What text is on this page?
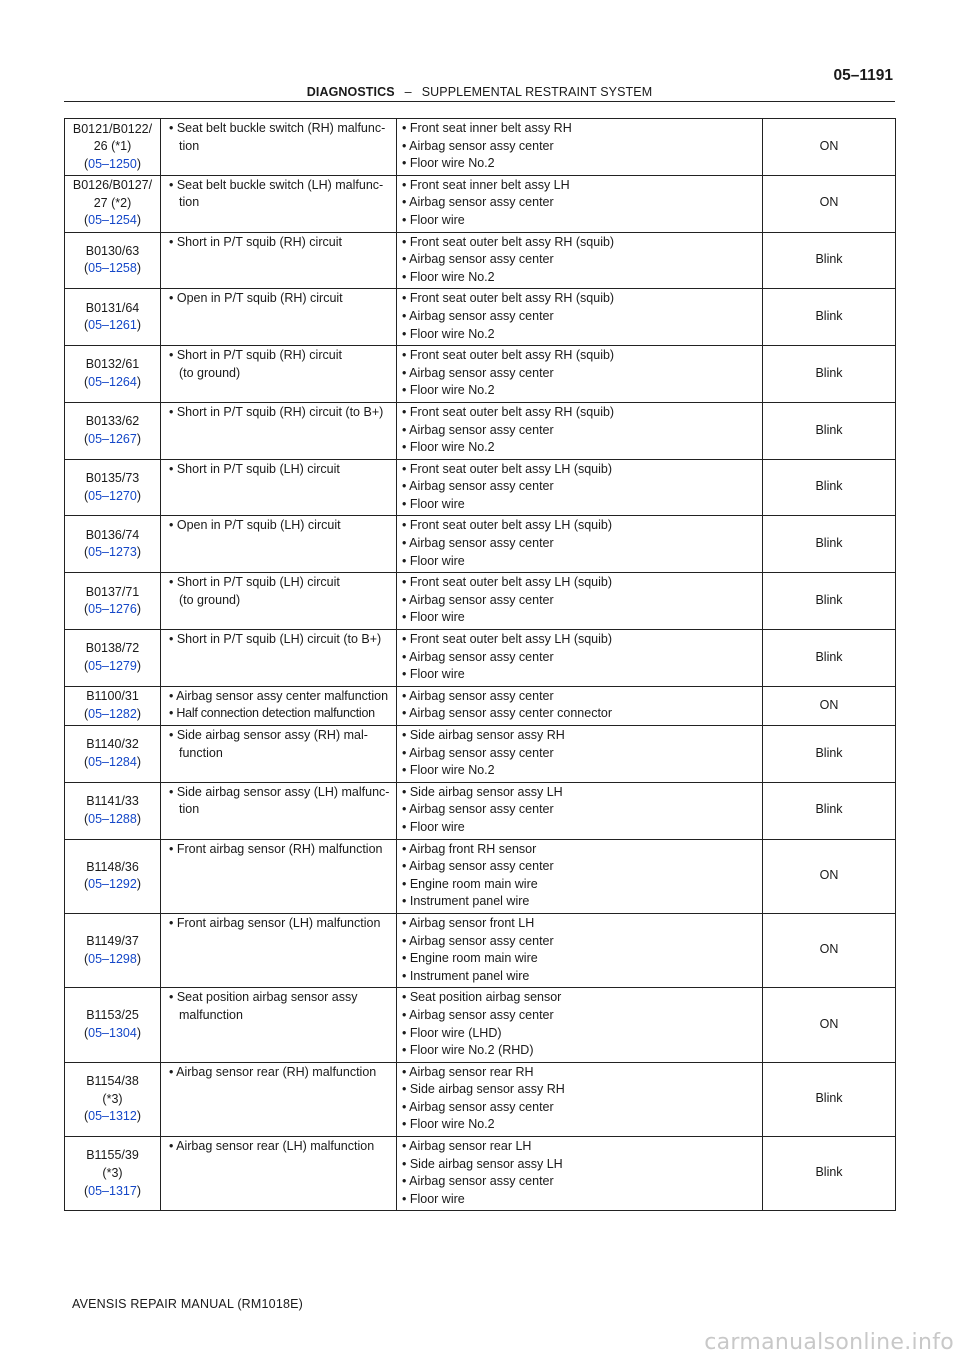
DIAGNOSTICS – SUPPLEMENTAL RESTRAINT SYSTEM
05–1191
B0121/B0122/
26 (*1)
(05–1250)	• Seat belt buckle switch (RH) malfunc-
tion	• Front seat inner belt assy RH
• Airbag sensor assy center
• Floor wire No.2	ON

B0126/B0127/
27 (*2)
(05–1254)	• Seat belt buckle switch (LH) malfunc-
tion	• Front seat inner belt assy LH
• Airbag sensor assy center
• Floor wire	ON

B0130/63
(05–1258)	• Short in P/T squib (RH) circuit	• Front seat outer belt assy RH (squib)
• Airbag sensor assy center
• Floor wire No.2	Blink

B0131/64
(05–1261)	• Open in P/T squib (RH) circuit	• Front seat outer belt assy RH (squib)
• Airbag sensor assy center
• Floor wire No.2	Blink

B0132/61
(05–1264)	• Short in P/T squib (RH) circuit
(to ground)	• Front seat outer belt assy RH (squib)
• Airbag sensor assy center
• Floor wire No.2	Blink

B0133/62
(05–1267)	• Short in P/T squib (RH) circuit (to B+)	• Front seat outer belt assy RH (squib)
• Airbag sensor assy center
• Floor wire No.2	Blink

B0135/73
(05–1270)	• Short in P/T squib (LH) circuit	• Front seat outer belt assy LH (squib)
• Airbag sensor assy center
• Floor wire	Blink

B0136/74
(05–1273)	• Open in P/T squib (LH) circuit	• Front seat outer belt assy LH (squib)
• Airbag sensor assy center
• Floor wire	Blink

B0137/71
(05–1276)	• Short in P/T squib (LH) circuit
(to ground)	• Front seat outer belt assy LH (squib)
• Airbag sensor assy center
• Floor wire	Blink

B0138/72
(05–1279)	• Short in P/T squib (LH) circuit (to B+)	• Front seat outer belt assy LH (squib)
• Airbag sensor assy center
• Floor wire	Blink

B1100/31
(05–1282)	• Airbag sensor assy center malfunction
• Half connection detection malfunction	• Airbag sensor assy center
• Airbag sensor assy center connector	ON

B1140/32
(05–1284)	• Side airbag sensor assy (RH) mal-
function	• Side airbag sensor assy RH
• Airbag sensor assy center
• Floor wire No.2	Blink

B1141/33
(05–1288)	• Side airbag sensor assy (LH) malfunc-
tion	• Side airbag sensor assy LH
• Airbag sensor assy center
• Floor wire	Blink

B1148/36
(05–1292)	• Front airbag sensor (RH) malfunction	• Airbag front RH sensor
• Airbag sensor assy center
• Engine room main wire
• Instrument panel wire	ON

B1149/37
(05–1298)	• Front airbag sensor (LH) malfunction	• Airbag sensor front LH
• Airbag sensor assy center
• Engine room main wire
• Instrument panel wire	ON

B1153/25
(05–1304)	• Seat position airbag sensor assy
malfunction	• Seat position airbag sensor
• Airbag sensor assy center
• Floor wire (LHD)
• Floor wire No.2 (RHD)	ON

B1154/38
(*3)
(05–1312)	• Airbag sensor rear (RH) malfunction	• Airbag sensor rear RH
• Side airbag sensor assy RH
• Airbag sensor assy center
• Floor wire No.2	Blink

B1155/39
(*3)
(05–1317)	• Airbag sensor rear (LH) malfunction	• Airbag sensor rear LH
• Side airbag sensor assy LH
• Airbag sensor assy center
• Floor wire	Blink
AVENSIS REPAIR MANUAL (RM1018E)
carmanualsonline.info
